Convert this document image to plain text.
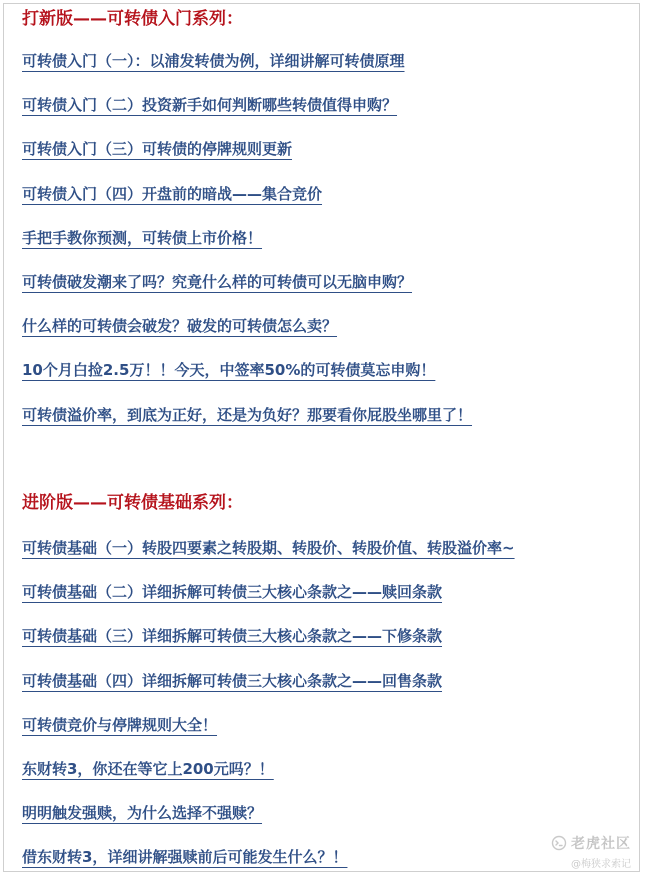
打新版——可转债入门系列：
可转债入门（一）：以浦发转债为例，详细讲解可转债原理
可转债入门（二）投资新手如何判断哪些转债值得申购？
可转债入门（三）可转债的停牌规则更新
可转债入门（四）开盘前的暗战——集合竞价
手把手教你预测，可转债上市价格！
可转债破发潮来了吗？究竟什么样的可转债可以无脑申购？
什么样的可转债会破发？破发的可转债怎么卖？
10个月白捡2.5万！！今天，中签率50%的可转债莫忘申购！
可转债溢价率，到底为正好，还是为负好？那要看你屁股坐哪里了！
进阶版——可转债基础系列：
可转债基础（一）转股四要素之转股期、转股价、转股价值、转股溢价率~
可转债基础（二）详细拆解可转债三大核心条款之——赎回条款
可转债基础（三）详细拆解可转债三大核心条款之——下修条款
可转债基础（四）详细拆解可转债三大核心条款之——回售条款
可转债竞价与停牌规则大全！
东财转3，你还在等它上200元吗？！
明明触发强赎，为什么选择不强赎？
借东财转3，详细讲解强赎前后可能发生什么？！
老虎社区
@梅狭求索记
